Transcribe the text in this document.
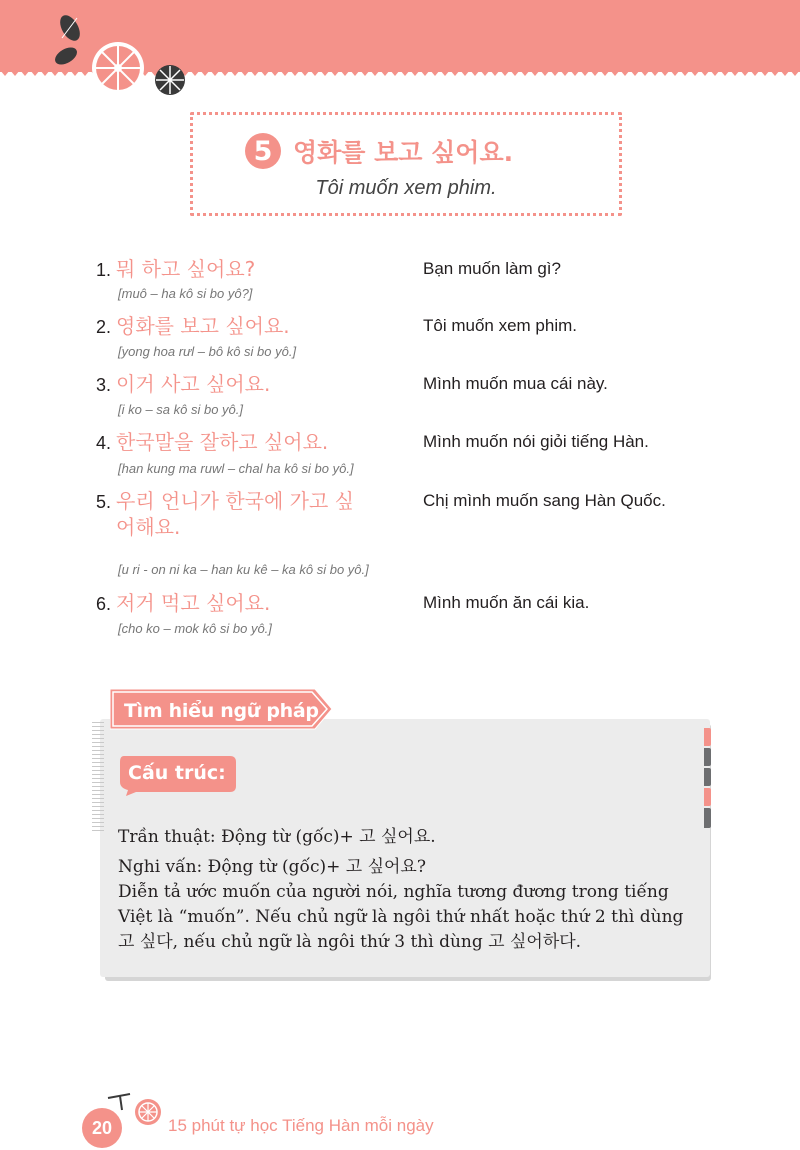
5 영화를 보고 싶어요.
Tôi muốn xem phim.
1. 뭐 하고 싶어요?
[muô – ha kô si bo yô?]
Bạn muốn làm gì?
2. 영화를 보고 싶어요.
[yong hoa rưl – bô kô si bo yô.]
Tôi muốn xem phim.
3. 이거 사고 싶어요.
[i ko – sa kô si bo yô.]
Mình muốn mua cái này.
4. 한국말을 잘하고 싶어요.
[han kung ma ruwl – chal ha kô si bo yô.]
Mình muốn nói giỏi tiếng Hàn.
5. 우리 언니가 한국에 가고 싶어해요.
[u ri - on ni ka – han ku kê – ka kô si bo yô.]
Chị mình muốn sang Hàn Quốc.
6. 저거 먹고 싶어요.
[cho ko – mok kô si bo yô.]
Mình muốn ăn cái kia.
Tìm hiểu ngữ pháp
Cấu trúc:
Trần thuật: Động từ (gốc)+ 고 싶어요.
Nghi vấn: Động từ (gốc)+ 고 싶어요?
Diễn tả ước muốn của người nói, nghĩa tương đương trong tiếng Việt là “muốn”. Nếu chủ ngữ là ngôi thứ nhất hoặc thứ 2 thì dùng 고 싶다, nếu chủ ngữ là ngôi thứ 3 thì dùng 고 싶어하다.
20	15 phút tự học Tiếng Hàn mỗi ngày
